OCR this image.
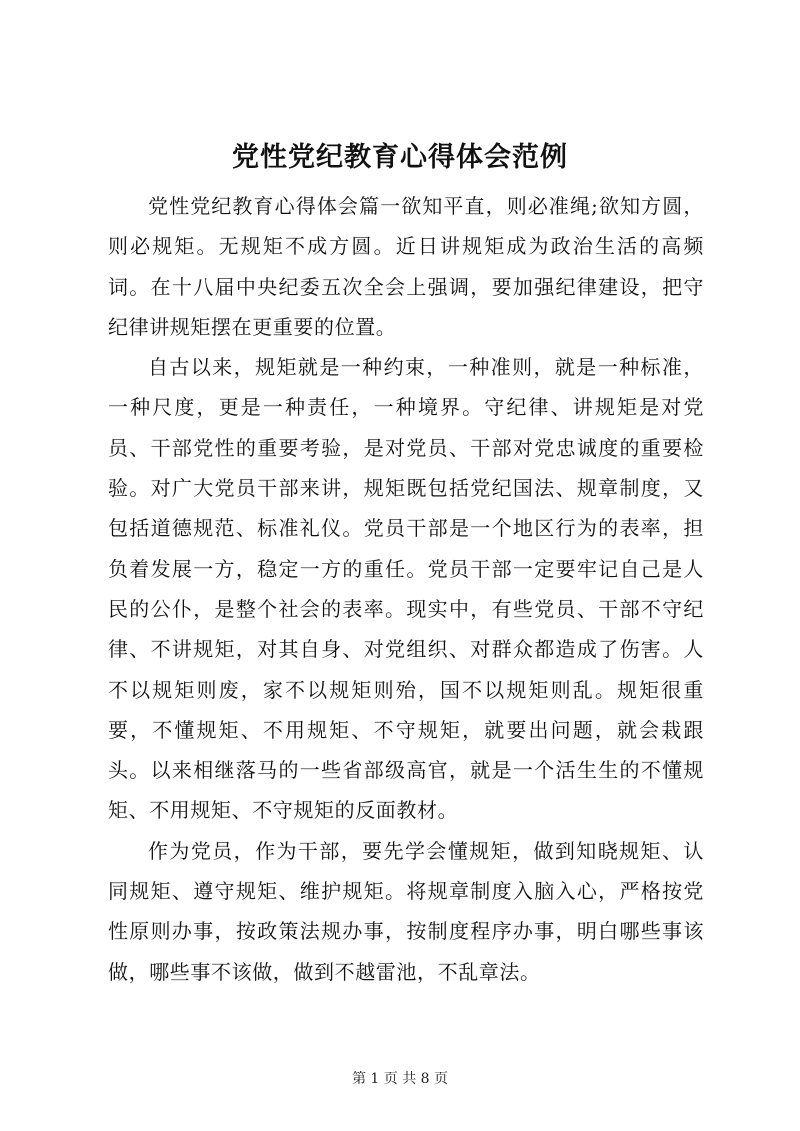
党性党纪教育心得体会范例

党性党纪教育心得体会篇一欲知平直，则必准绳;欲知方圆，则必规矩。无规矩不成方圆。近日讲规矩成为政治生活的高频词。在十八届中央纪委五次全会上强调，要加强纪律建设，把守纪律讲规矩摆在更重要的位置。

自古以来，规矩就是一种约束，一种准则，就是一种标准，一种尺度，更是一种责任，一种境界。守纪律、讲规矩是对党员、干部党性的重要考验，是对党员、干部对党忠诚度的重要检验。对广大党员干部来讲，规矩既包括党纪国法、规章制度，又包括道德规范、标准礼仪。党员干部是一个地区行为的表率，担负着发展一方，稳定一方的重任。党员干部一定要牢记自己是人民的公仆，是整个社会的表率。现实中，有些党员、干部不守纪律、不讲规矩，对其自身、对党组织、对群众都造成了伤害。人不以规矩则废，家不以规矩则殆，国不以规矩则乱。规矩很重要，不懂规矩、不用规矩、不守规矩，就要出问题，就会栽跟头。以来相继落马的一些省部级高官，就是一个活生生的不懂规矩、不用规矩、不守规矩的反面教材。

作为党员，作为干部，要先学会懂规矩，做到知晓规矩、认同规矩、遵守规矩、维护规矩。将规章制度入脑入心，严格按党性原则办事，按政策法规办事，按制度程序办事，明白哪些事该做，哪些事不该做，做到不越雷池，不乱章法。

第 1 页 共 8 页
